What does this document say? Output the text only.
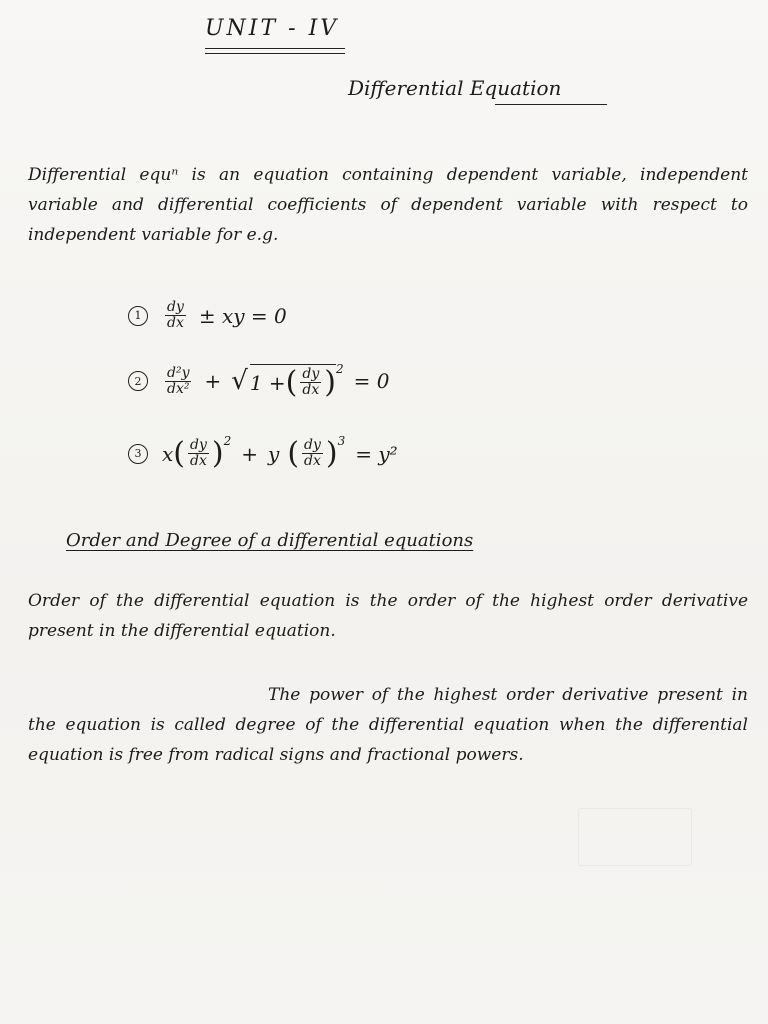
UNIT - IV
Differential Equation
Differential equⁿ is an equation containing dependent variable, independent variable and differential coefficients of dependent variable with respect to independent variable for e.g.
1	$\frac{dy}{dx}$ ± xy = 0
2	$\frac{\text{d²y}}{\text{dx²}}$ + √ 1 + ( $\frac{dy}{dx} )^2 = 0$
3	x ( $\frac{dy}{dx} )^2$
+ y ( $\frac{dy}{dx} )^3$
= y²
Order and Degree of a differential equations
Order of the differential equation is the order of the highest order derivative present in the differential equation.
The power of the highest order derivative present in the equation is called degree of the differential equation when the differential equation is free from radical signs and fractional powers.
